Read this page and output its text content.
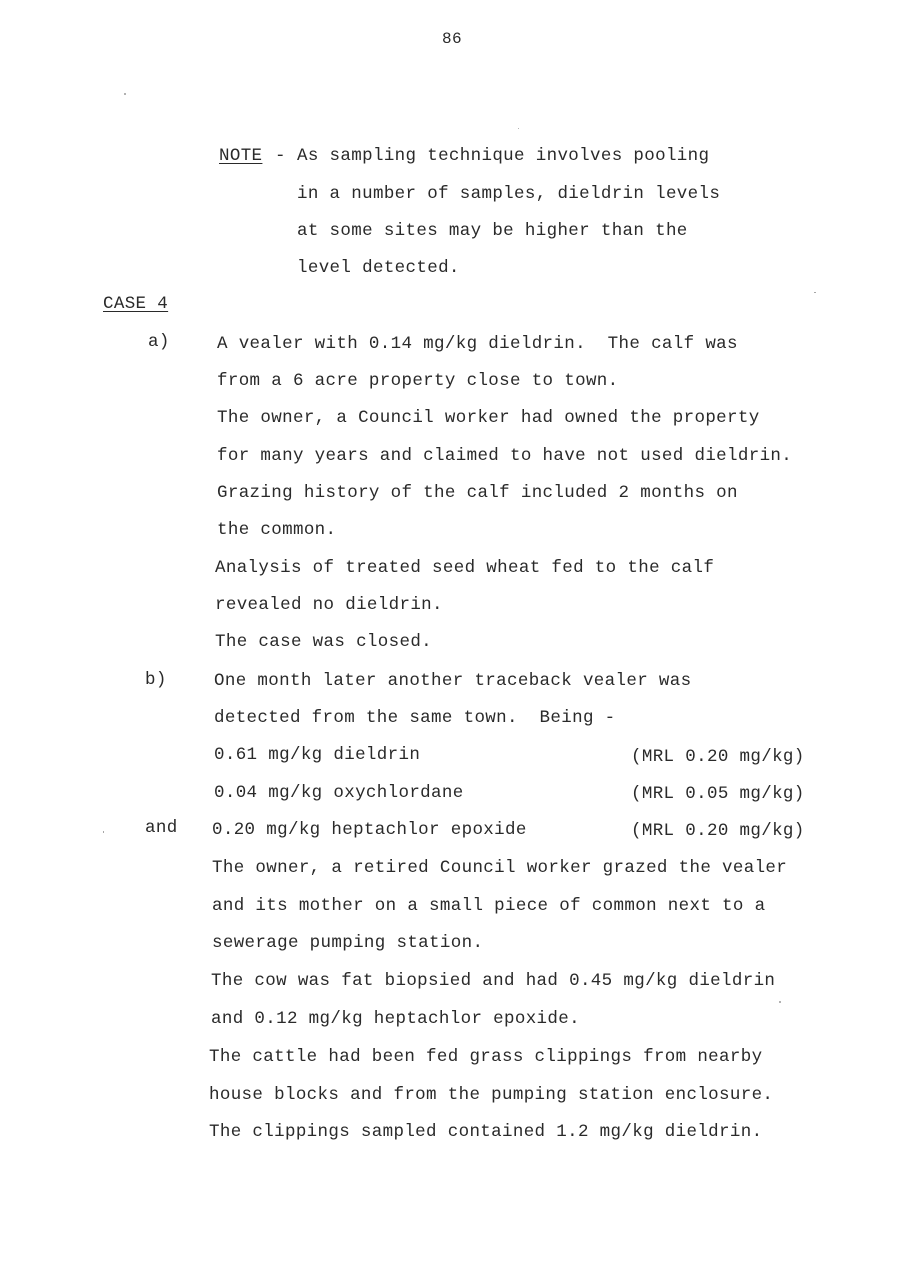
86
NOTE - As sampling technique involves pooling
in a number of samples, dieldrin levels
at some sites may be higher than the
level detected.
CASE 4
a)	A vealer with 0.14 mg/kg dieldrin.  The calf was
from a 6 acre property close to town.
The owner, a Council worker had owned the property
for many years and claimed to have not used dieldrin.
Grazing history of the calf included 2 months on
the common.
Analysis of treated seed wheat fed to the calf
revealed no dieldrin.
The case was closed.
b)	One month later another traceback vealer was
detected from the same town.  Being -
0.61 mg/kg dieldrin	(MRL 0.20 mg/kg)
0.04 mg/kg oxychlordane	(MRL 0.05 mg/kg)
and 0.20 mg/kg heptachlor epoxide	(MRL 0.20 mg/kg)
The owner, a retired Council worker grazed the vealer
and its mother on a small piece of common next to a
sewerage pumping station.
The cow was fat biopsied and had 0.45 mg/kg dieldrin
and 0.12 mg/kg heptachlor epoxide.
The cattle had been fed grass clippings from nearby
house blocks and from the pumping station enclosure.
The clippings sampled contained 1.2 mg/kg dieldrin.
